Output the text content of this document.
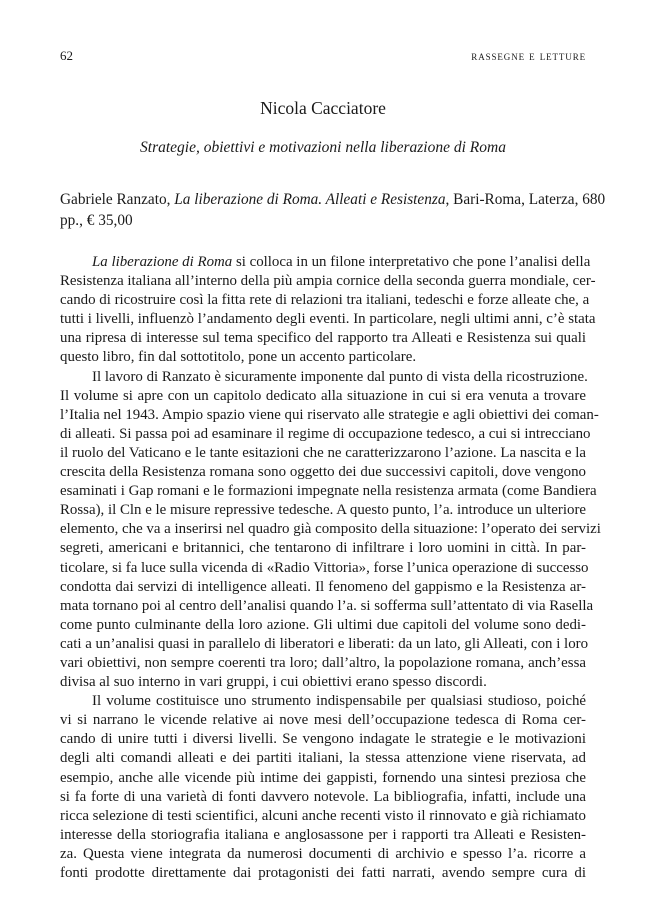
62	rassegne e letture
Nicola Cacciatore
Strategie, obiettivi e motivazioni nella liberazione di Roma

Gabriele Ranzato, La liberazione di Roma. Alleati e Resistenza, Bari-Roma, Laterza, 680
pp., € 35,00

La liberazione di Roma si colloca in un filone interpretativo che pone l’analisi della
Resistenza italiana all’interno della più ampia cornice della seconda guerra mondiale, cer-
cando di ricostruire così la fitta rete di relazioni tra italiani, tedeschi e forze alleate che, a
tutti i livelli, influenzò l’andamento degli eventi. In particolare, negli ultimi anni, c’è stata
una ripresa di interesse sul tema specifico del rapporto tra Alleati e Resistenza sui quali
questo libro, fin dal sottotitolo, pone un accento particolare.

Il lavoro di Ranzato è sicuramente imponente dal punto di vista della ricostruzione.
Il volume si apre con un capitolo dedicato alla situazione in cui si era venuta a trovare
l’Italia nel 1943. Ampio spazio viene qui riservato alle strategie e agli obiettivi dei coman-
di alleati. Si passa poi ad esaminare il regime di occupazione tedesco, a cui si intrecciano
il ruolo del Vaticano e le tante esitazioni che ne caratterizzarono l’azione. La nascita e la
crescita della Resistenza romana sono oggetto dei due successivi capitoli, dove vengono
esaminati i Gap romani e le formazioni impegnate nella resistenza armata (come Bandiera
Rossa), il Cln e le misure repressive tedesche. A questo punto, l’a. introduce un ulteriore
elemento, che va a inserirsi nel quadro già composito della situazione: l’operato dei servizi
segreti, americani e britannici, che tentarono di infiltrare i loro uomini in città. In par-
ticolare, si fa luce sulla vicenda di «Radio Vittoria», forse l’unica operazione di successo
condotta dai servizi di intelligence alleati. Il fenomeno del gappismo e la Resistenza ar-
mata tornano poi al centro dell’analisi quando l’a. si sofferma sull’attentato di via Rasella
come punto culminante della loro azione. Gli ultimi due capitoli del volume sono dedi-
cati a un’analisi quasi in parallelo di liberatori e liberati: da un lato, gli Alleati, con i loro
vari obiettivi, non sempre coerenti tra loro; dall’altro, la popolazione romana, anch’essa
divisa al suo interno in vari gruppi, i cui obiettivi erano spesso discordi.

Il volume costituisce uno strumento indispensabile per qualsiasi studioso, poiché
vi si narrano le vicende relative ai nove mesi dell’occupazione tedesca di Roma cer-
cando di unire tutti i diversi livelli. Se vengono indagate le strategie e le motivazioni
degli alti comandi alleati e dei partiti italiani, la stessa attenzione viene riservata, ad
esempio, anche alle vicende più intime dei gappisti, fornendo una sintesi preziosa che
si fa forte di una varietà di fonti davvero notevole. La bibliografia, infatti, include una
ricca selezione di testi scientifici, alcuni anche recenti visto il rinnovato e già richiamato
interesse della storiografia italiana e anglosassone per i rapporti tra Alleati e Resisten-
za. Questa viene integrata da numerosi documenti di archivio e spesso l’a. ricorre a
fonti prodotte direttamente dai protagonisti dei fatti narrati, avendo sempre cura di
